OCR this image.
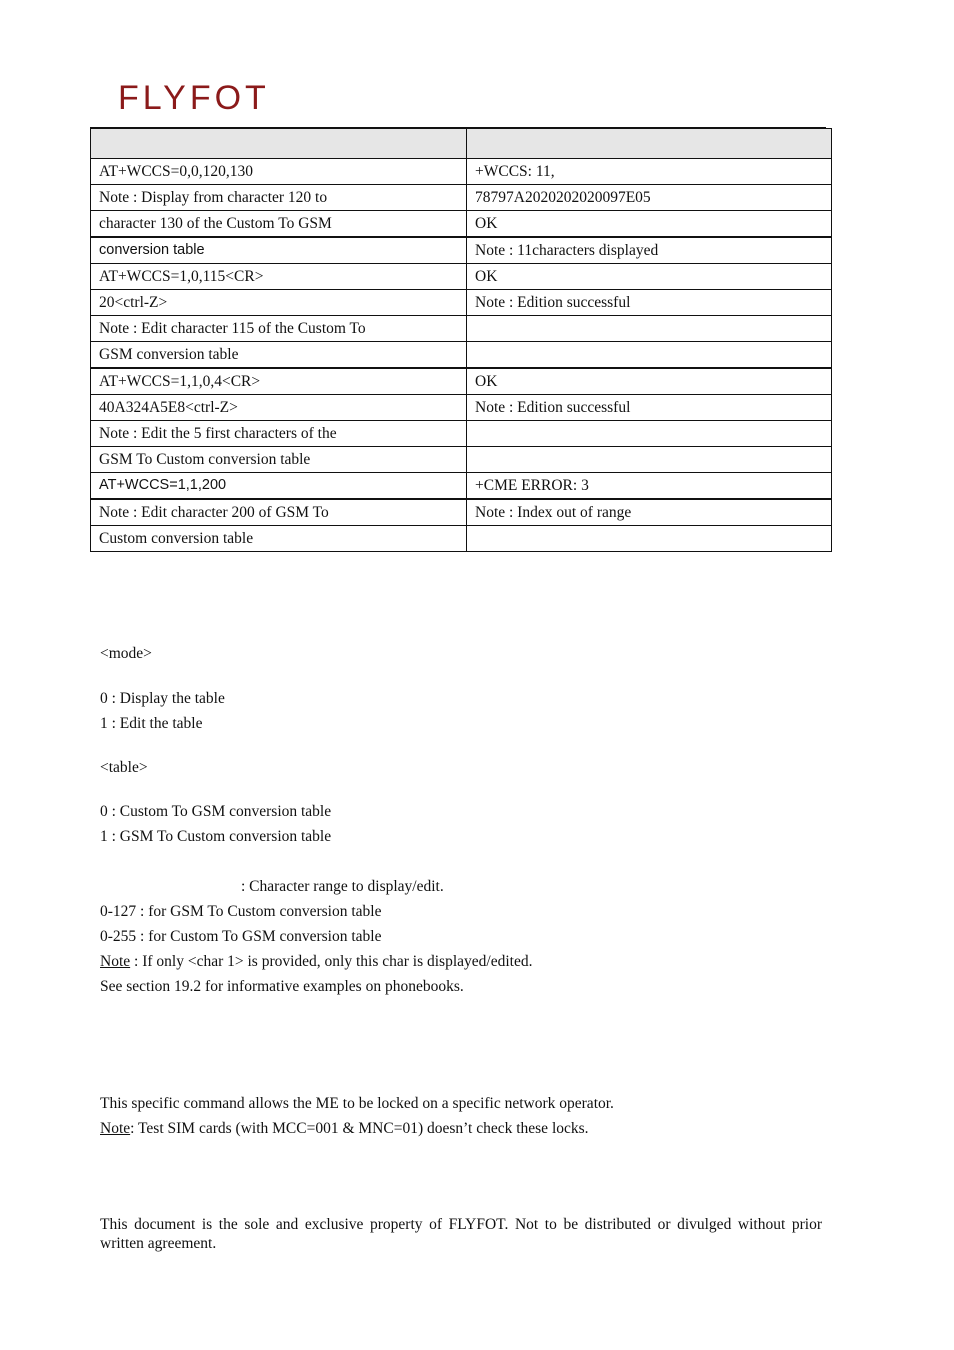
FLYFOT

AT+WCCS=0,0,120,130	+WCCS: 11,
Note : Display from character 120 to	78797A2020202020097E05
character 130 of the Custom To GSM	OK
conversion table	Note : 11characters displayed
AT+WCCS=1,0,115<CR>	OK
20<ctrl-Z>	Note : Edition successful
Note : Edit character 115 of the Custom To	
GSM conversion table	
AT+WCCS=1,1,0,4<CR>	OK
40A324A5E8<ctrl-Z>	Note : Edition successful
Note : Edit the 5 first characters of the	
GSM To Custom conversion table	
AT+WCCS=1,1,200	+CME ERROR: 3
Note : Edit character 200 of GSM To	Note : Index out of range
Custom conversion table	
<mode>
0 : Display the table
1 : Edit the table
<table>
0 : Custom To GSM conversion table
1 : GSM To Custom conversion table
: Character range to display/edit.
0-127 : for GSM To Custom conversion table
0-255 : for Custom To GSM conversion table
Note : If only <char 1> is provided, only this char is displayed/edited.
See section 19.2 for informative examples on phonebooks.
This specific command allows the ME to be locked on a specific network operator.
Note: Test SIM cards (with MCC=001 & MNC=01) doesn’t check these locks.
This document is the sole and exclusive property of FLYFOT. Not to be distributed or divulged without prior written agreement.
